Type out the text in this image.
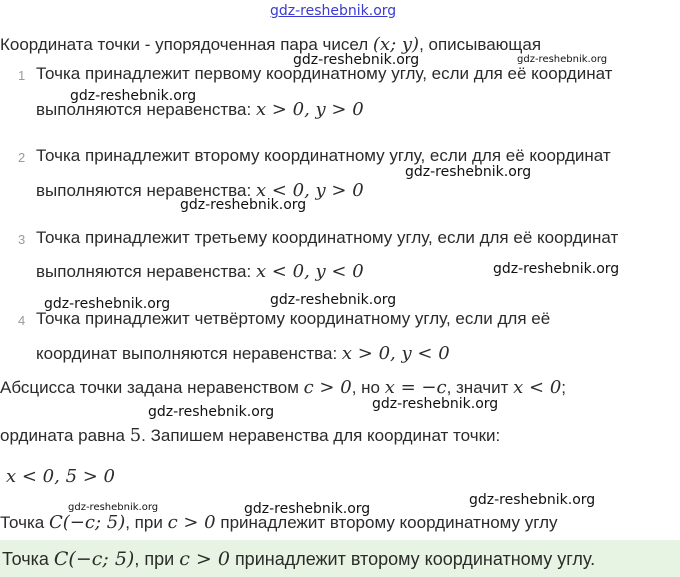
gdz-reshebnik.org
Координата точки - упорядоченная пара чисел (x; y), описывающая
1 Точка принадлежит первому координатному углу, если для её координат
выполняются неравенства: x > 0, y > 0
2 Точка принадлежит второму координатному углу, если для её координат
выполняются неравенства: x < 0, y > 0
3 Точка принадлежит третьему координатному углу, если для её координат
выполняются неравенства: x < 0, y < 0
4 Точка принадлежит четвёртому координатному углу, если для её
координат выполняются неравенства: x > 0, y < 0
Абсцисса точки задана неравенством c > 0, но x = −c, значит x < 0;
ордината равна 5. Запишем неравенства для координат точки:
x < 0, 5 > 0
Точка C(−c; 5), при c > 0 принадлежит второму координатному углу
Точка C(−c; 5), при c > 0 принадлежит второму координатному углу.
gdz-reshebnik.org	gdz-reshebnik.org
gdz-reshebnik.org
gdz-reshebnik.org
gdz-reshebnik.org
gdz-reshebnik.org
gdz-reshebnik.org
gdz-reshebnik.org
gdz-reshebnik.org
gdz-reshebnik.org
gdz-reshebnik.org	gdz-reshebnik.org
gdz-reshebnik.org
